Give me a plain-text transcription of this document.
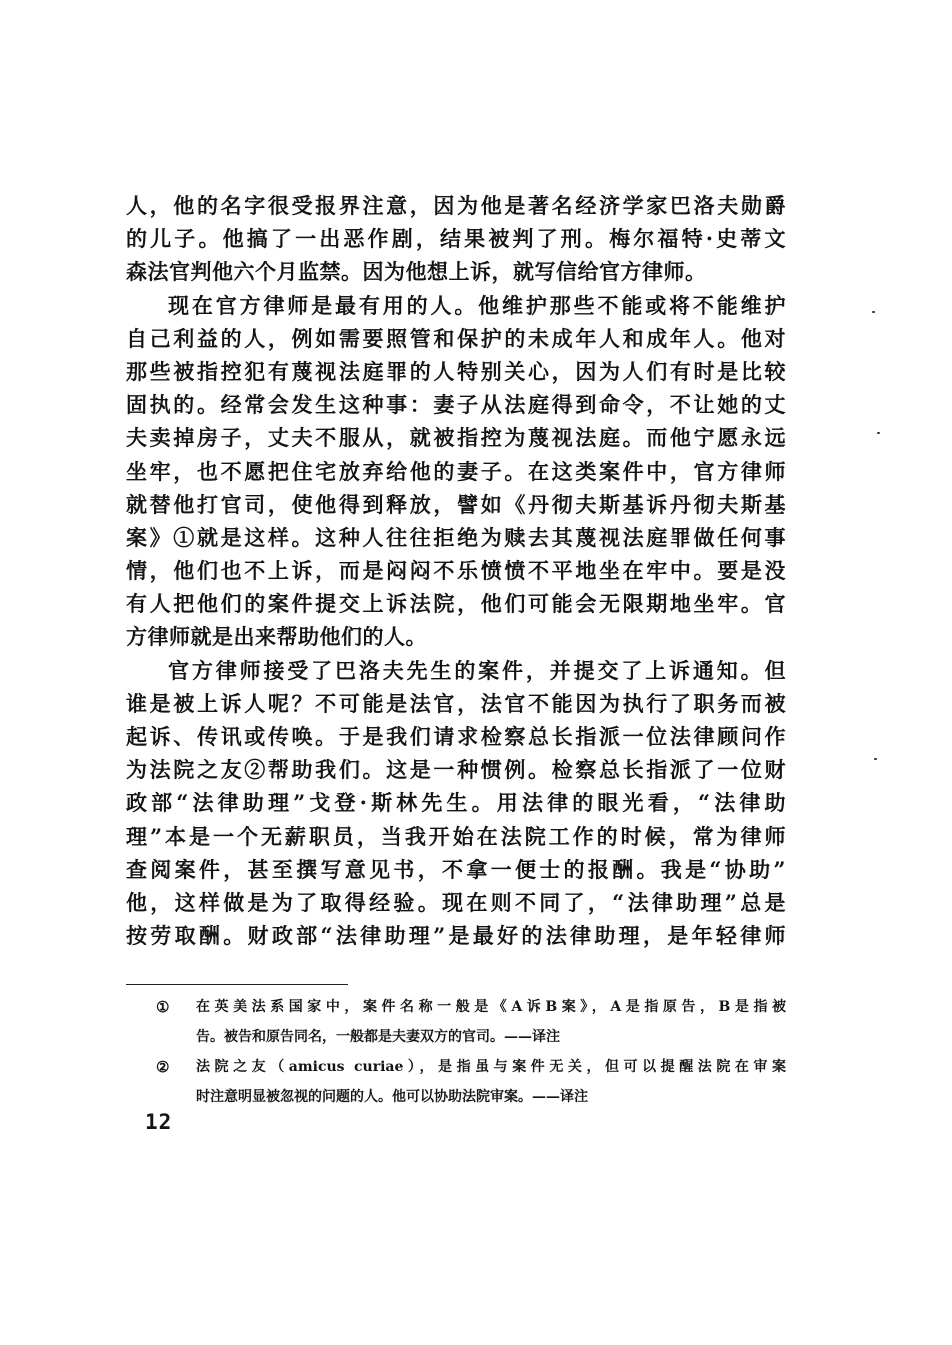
人，他的名字很受报界注意，因为他是著名经济学家巴洛夫勋爵
的儿子。他搞了一出恶作剧，结果被判了刑。梅尔福特·史蒂文
森法官判他六个月监禁。因为他想上诉，就写信给官方律师。
现在官方律师是最有用的人。他维护那些不能或将不能维护
自己利益的人，例如需要照管和保护的未成年人和成年人。他对
那些被指控犯有蔑视法庭罪的人特别关心，因为人们有时是比较
固执的。经常会发生这种事：妻子从法庭得到命令，不让她的丈
夫卖掉房子，丈夫不服从，就被指控为蔑视法庭。而他宁愿永远
坐牢，也不愿把住宅放弃给他的妻子。在这类案件中，官方律师
就替他打官司，使他得到释放，譬如《丹彻夫斯基诉丹彻夫斯基
案》①就是这样。这种人往往拒绝为赎去其蔑视法庭罪做任何事
情，他们也不上诉，而是闷闷不乐愤愤不平地坐在牢中。要是没
有人把他们的案件提交上诉法院，他们可能会无限期地坐牢。官
方律师就是出来帮助他们的人。
官方律师接受了巴洛夫先生的案件，并提交了上诉通知。但
谁是被上诉人呢？不可能是法官，法官不能因为执行了职务而被
起诉、传讯或传唤。于是我们请求检察总长指派一位法律顾问作
为法院之友②帮助我们。这是一种惯例。检察总长指派了一位财
政部“法律助理”戈登·斯林先生。用法律的眼光看，“法律助
理”本是一个无薪职员，当我开始在法院工作的时候，常为律师
查阅案件，甚至撰写意见书，不拿一便士的报酬。我是“协助”
他，这样做是为了取得经验。现在则不同了，“法律助理”总是
按劳取酬。财政部“法律助理”是最好的法律助理，是年轻律师
① 在英美法系国家中，案件名称一般是《A诉B案》，A是指原告，B是指被
告。被告和原告同名，一般都是夫妻双方的官司。——译注
② 法院之友（amicus curiae），是指虽与案件无关，但可以提醒法院在审案
时注意明显被忽视的问题的人。他可以协助法院审案。——译注
12
